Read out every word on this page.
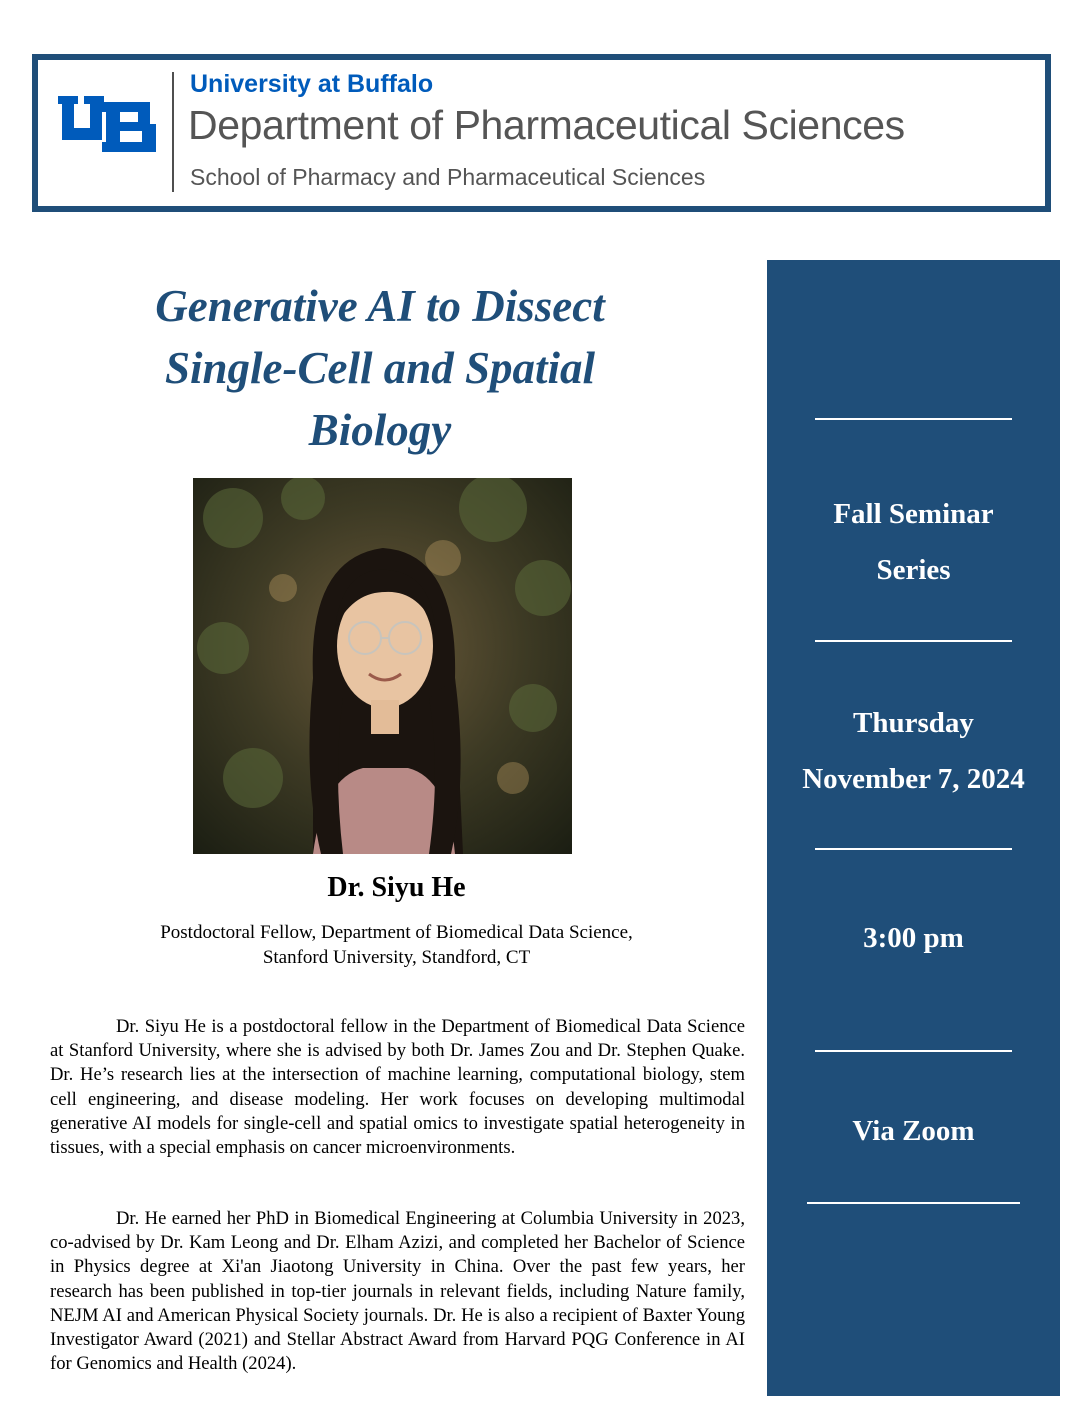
University at Buffalo
Department of Pharmaceutical Sciences
School of Pharmacy and Pharmaceutical Sciences
Generative AI to Dissect
Single-Cell and Spatial
Biology
Dr. Siyu He
Postdoctoral Fellow, Department of Biomedical Data Science,
Stanford University, Standford, CT

Dr. Siyu He is a postdoctoral fellow in the Department of Biomedical Data Science at Stanford University, where she is advised by both Dr. James Zou and Dr. Stephen Quake. Dr. He’s research lies at the intersection of machine learning, computational biology, stem cell engineering, and disease modeling. Her work focuses on developing multimodal generative AI models for single-cell and spatial omics to investigate spatial heterogeneity in tissues, with a special emphasis on cancer microenvironments.

Dr. He earned her PhD in Biomedical Engineering at Columbia University in 2023, co-advised by Dr. Kam Leong and Dr. Elham Azizi, and completed her Bachelor of Science in Physics degree at Xi'an Jiaotong University in China. Over the past few years, her research has been published in top-tier journals in relevant fields, including Nature family, NEJM AI and American Physical Society journals. Dr. He is also a recipient of Baxter Young Investigator Award (2021) and Stellar Abstract Award from Harvard PQG Conference in AI for Genomics and Health (2024).

Fall Seminar
Series
Thursday
November 7, 2024
3:00 pm
Via Zoom
